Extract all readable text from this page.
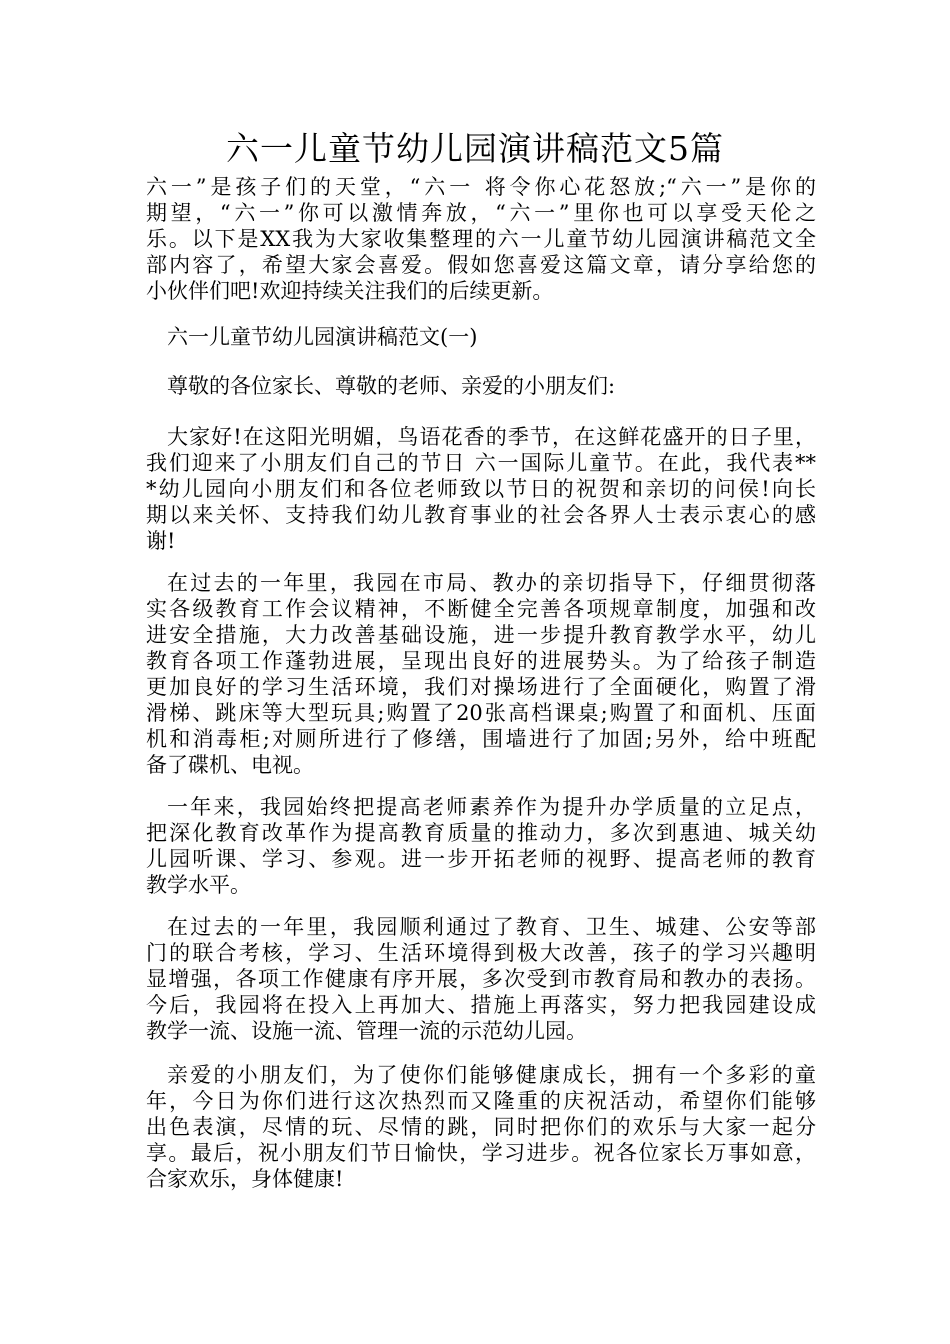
六一儿童节幼儿园演讲稿范文5篇
六一”是孩子们的天堂，“六一 将令你心花怒放;“六一”是你的
期望，“六一”你可以激情奔放，“六一”里你也可以享受天伦之
乐。以下是XX我为大家收集整理的六一儿童节幼儿园演讲稿范文全
部内容了，希望大家会喜爱。假如您喜爱这篇文章，请分享给您的
小伙伴们吧!欢迎持续关注我们的后续更新。
六一儿童节幼儿园演讲稿范文(一)
尊敬的各位家长、尊敬的老师、亲爱的小朋友们:
大家好!在这阳光明媚，鸟语花香的季节，在这鲜花盛开的日子里，
我们迎来了小朋友们自己的节日 六一国际儿童节。在此，我代表**
*幼儿园向小朋友们和各位老师致以节日的祝贺和亲切的问侯!向长
期以来关怀、支持我们幼儿教育事业的社会各界人士表示衷心的感
谢!
在过去的一年里，我园在市局、教办的亲切指导下，仔细贯彻落
实各级教育工作会议精神，不断健全完善各项规章制度，加强和改
进安全措施，大力改善基础设施，进一步提升教育教学水平，幼儿
教育各项工作蓬勃进展，呈现出良好的进展势头。为了给孩子制造
更加良好的学习生活环境，我们对操场进行了全面硬化，购置了滑
滑梯、跳床等大型玩具;购置了20张高档课桌;购置了和面机、压面
机和消毒柜;对厕所进行了修缮，围墙进行了加固;另外，给中班配
备了碟机、电视。
一年来，我园始终把提高老师素养作为提升办学质量的立足点，
把深化教育改革作为提高教育质量的推动力，多次到惠迪、城关幼
儿园听课、学习、参观。进一步开拓老师的视野、提高老师的教育
教学水平。
在过去的一年里，我园顺利通过了教育、卫生、城建、公安等部
门的联合考核，学习、生活环境得到极大改善，孩子的学习兴趣明
显增强，各项工作健康有序开展，多次受到市教育局和教办的表扬。
今后，我园将在投入上再加大、措施上再落实，努力把我园建设成
教学一流、设施一流、管理一流的示范幼儿园。
亲爱的小朋友们，为了使你们能够健康成长，拥有一个多彩的童
年，今日为你们进行这次热烈而又隆重的庆祝活动，希望你们能够
出色表演，尽情的玩、尽情的跳，同时把你们的欢乐与大家一起分
享。最后，祝小朋友们节日愉快，学习进步。祝各位家长万事如意，
合家欢乐，身体健康!
